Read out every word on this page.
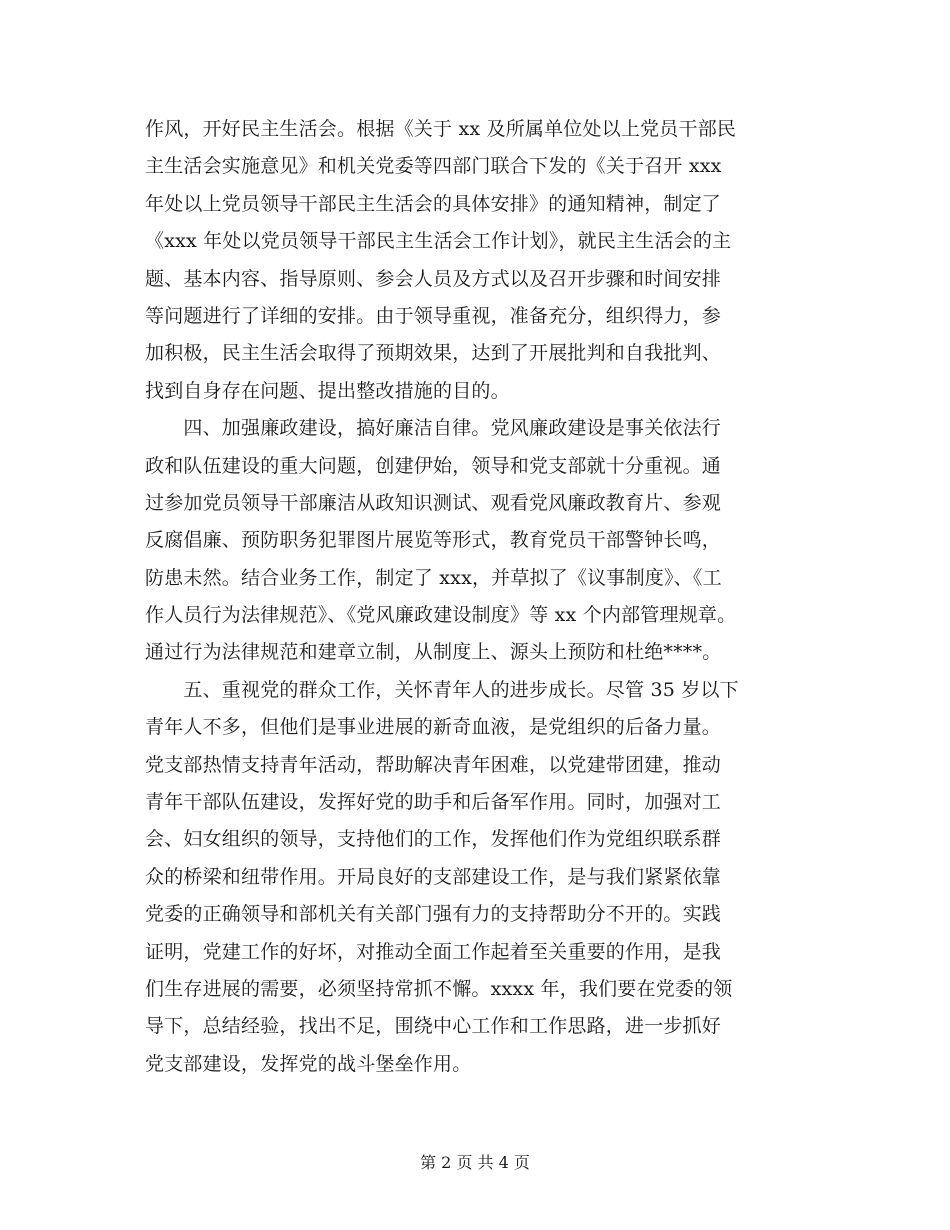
作风，开好民主生活会。根据《关于 xx 及所属单位处以上党员干部民
主生活会实施意见》和机关党委等四部门联合下发的《关于召开 xxx
年处以上党员领导干部民主生活会的具体安排》的通知精神，制定了
《xxx 年处以党员领导干部民主生活会工作计划》，就民主生活会的主
题、基本内容、指导原则、参会人员及方式以及召开步骤和时间安排
等问题进行了详细的安排。由于领导重视，准备充分，组织得力，参
加积极，民主生活会取得了预期效果，达到了开展批判和自我批判、
找到自身存在问题、提出整改措施的目的。
　　四、加强廉政建设，搞好廉洁自律。党风廉政建设是事关依法行
政和队伍建设的重大问题，创建伊始，领导和党支部就十分重视。通
过参加党员领导干部廉洁从政知识测试、观看党风廉政教育片、参观
反腐倡廉、预防职务犯罪图片展览等形式，教育党员干部警钟长鸣，
防患未然。结合业务工作，制定了 xxx，并草拟了《议事制度》、《工
作人员行为法律规范》、《党风廉政建设制度》等 xx 个内部管理规章。
通过行为法律规范和建章立制，从制度上、源头上预防和杜绝****。
　　五、重视党的群众工作，关怀青年人的进步成长。尽管 35 岁以下
青年人不多，但他们是事业进展的新奇血液，是党组织的后备力量。
党支部热情支持青年活动，帮助解决青年困难，以党建带团建，推动
青年干部队伍建设，发挥好党的助手和后备军作用。同时，加强对工
会、妇女组织的领导，支持他们的工作，发挥他们作为党组织联系群
众的桥梁和纽带作用。开局良好的支部建设工作，是与我们紧紧依靠
党委的正确领导和部机关有关部门强有力的支持帮助分不开的。实践
证明，党建工作的好坏，对推动全面工作起着至关重要的作用，是我
们生存进展的需要，必须坚持常抓不懈。xxxx 年，我们要在党委的领
导下，总结经验，找出不足，围绕中心工作和工作思路，进一步抓好
党支部建设，发挥党的战斗堡垒作用。
第 2 页 共 4 页
